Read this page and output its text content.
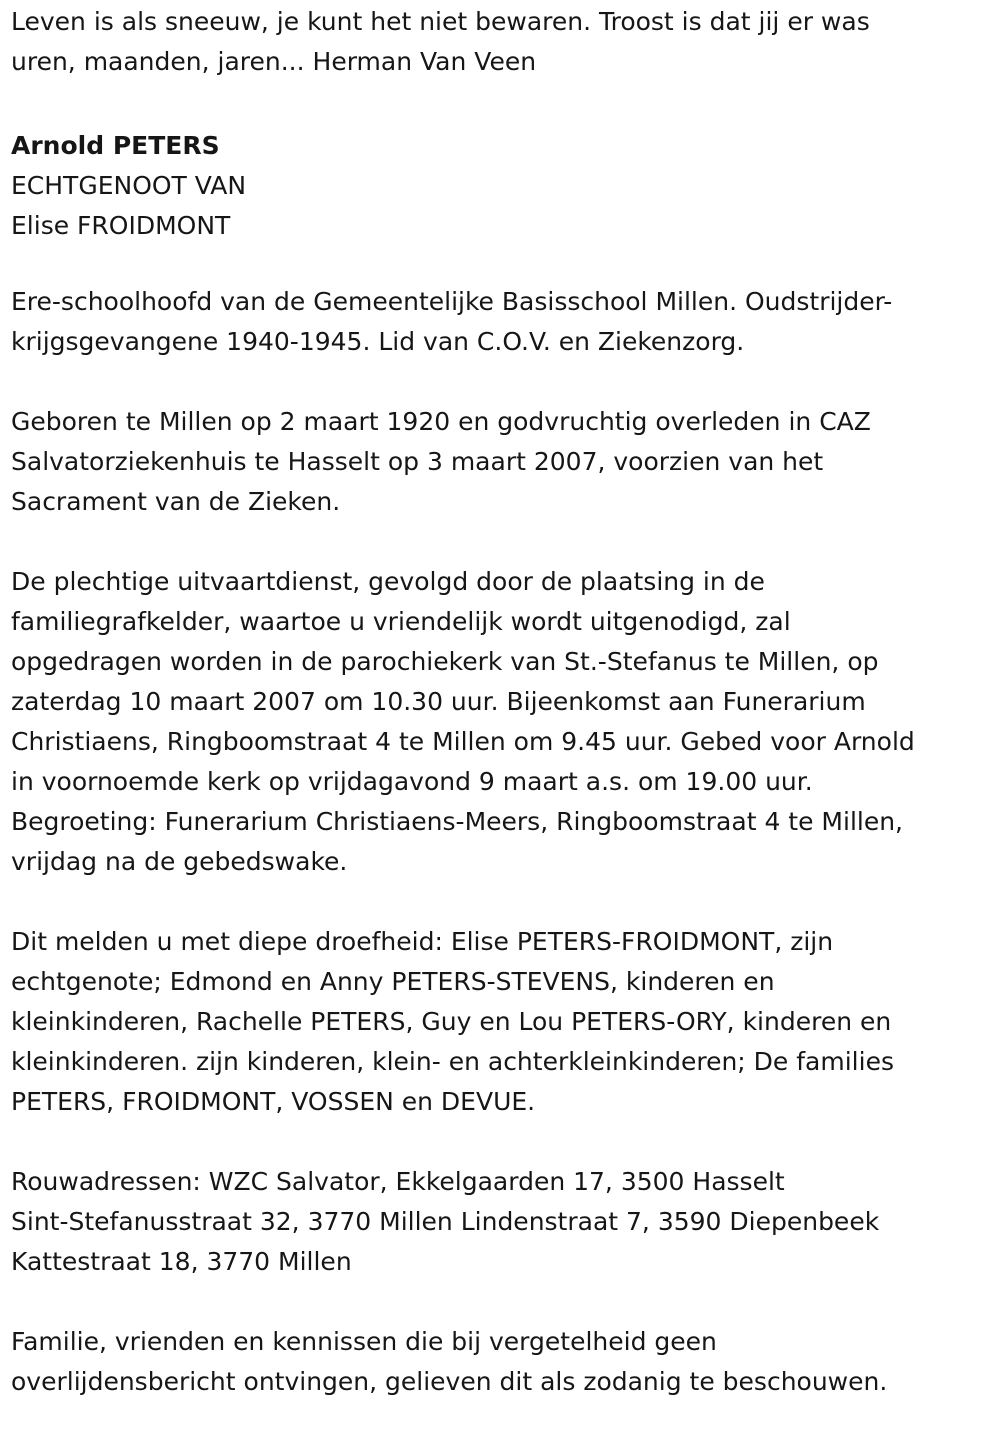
Leven is als sneeuw, je kunt het niet bewaren. Troost is dat jij er was
uren, maanden, jaren... Herman Van Veen
Arnold PETERS
ECHTGENOOT VAN
Elise FROIDMONT
Ere-schoolhoofd van de Gemeentelijke Basisschool Millen. Oudstrijder-
krijgsgevangene 1940-1945. Lid van C.O.V. en Ziekenzorg.
Geboren te Millen op 2 maart 1920 en godvruchtig overleden in CAZ
Salvatorziekenhuis te Hasselt op 3 maart 2007, voorzien van het
Sacrament van de Zieken.
De plechtige uitvaartdienst, gevolgd door de plaatsing in de
familiegrafkelder, waartoe u vriendelijk wordt uitgenodigd, zal
opgedragen worden in de parochiekerk van St.-Stefanus te Millen, op
zaterdag 10 maart 2007 om 10.30 uur. Bijeenkomst aan Funerarium
Christiaens, Ringboomstraat 4 te Millen om 9.45 uur. Gebed voor Arnold
in voornoemde kerk op vrijdagavond 9 maart a.s. om 19.00 uur.
Begroeting: Funerarium Christiaens-Meers, Ringboomstraat 4 te Millen,
vrijdag na de gebedswake.
Dit melden u met diepe droefheid: Elise PETERS-FROIDMONT, zijn
echtgenote; Edmond en Anny PETERS-STEVENS, kinderen en
kleinkinderen, Rachelle PETERS, Guy en Lou PETERS-ORY, kinderen en
kleinkinderen. zijn kinderen, klein- en achterkleinkinderen; De families
PETERS, FROIDMONT, VOSSEN en DEVUE.
Rouwadressen: WZC Salvator, Ekkelgaarden 17, 3500 Hasselt
Sint-Stefanusstraat 32, 3770 Millen Lindenstraat 7, 3590 Diepenbeek
Kattestraat 18, 3770 Millen
Familie, vrienden en kennissen die bij vergetelheid geen
overlijdensbericht ontvingen, gelieven dit als zodanig te beschouwen.
